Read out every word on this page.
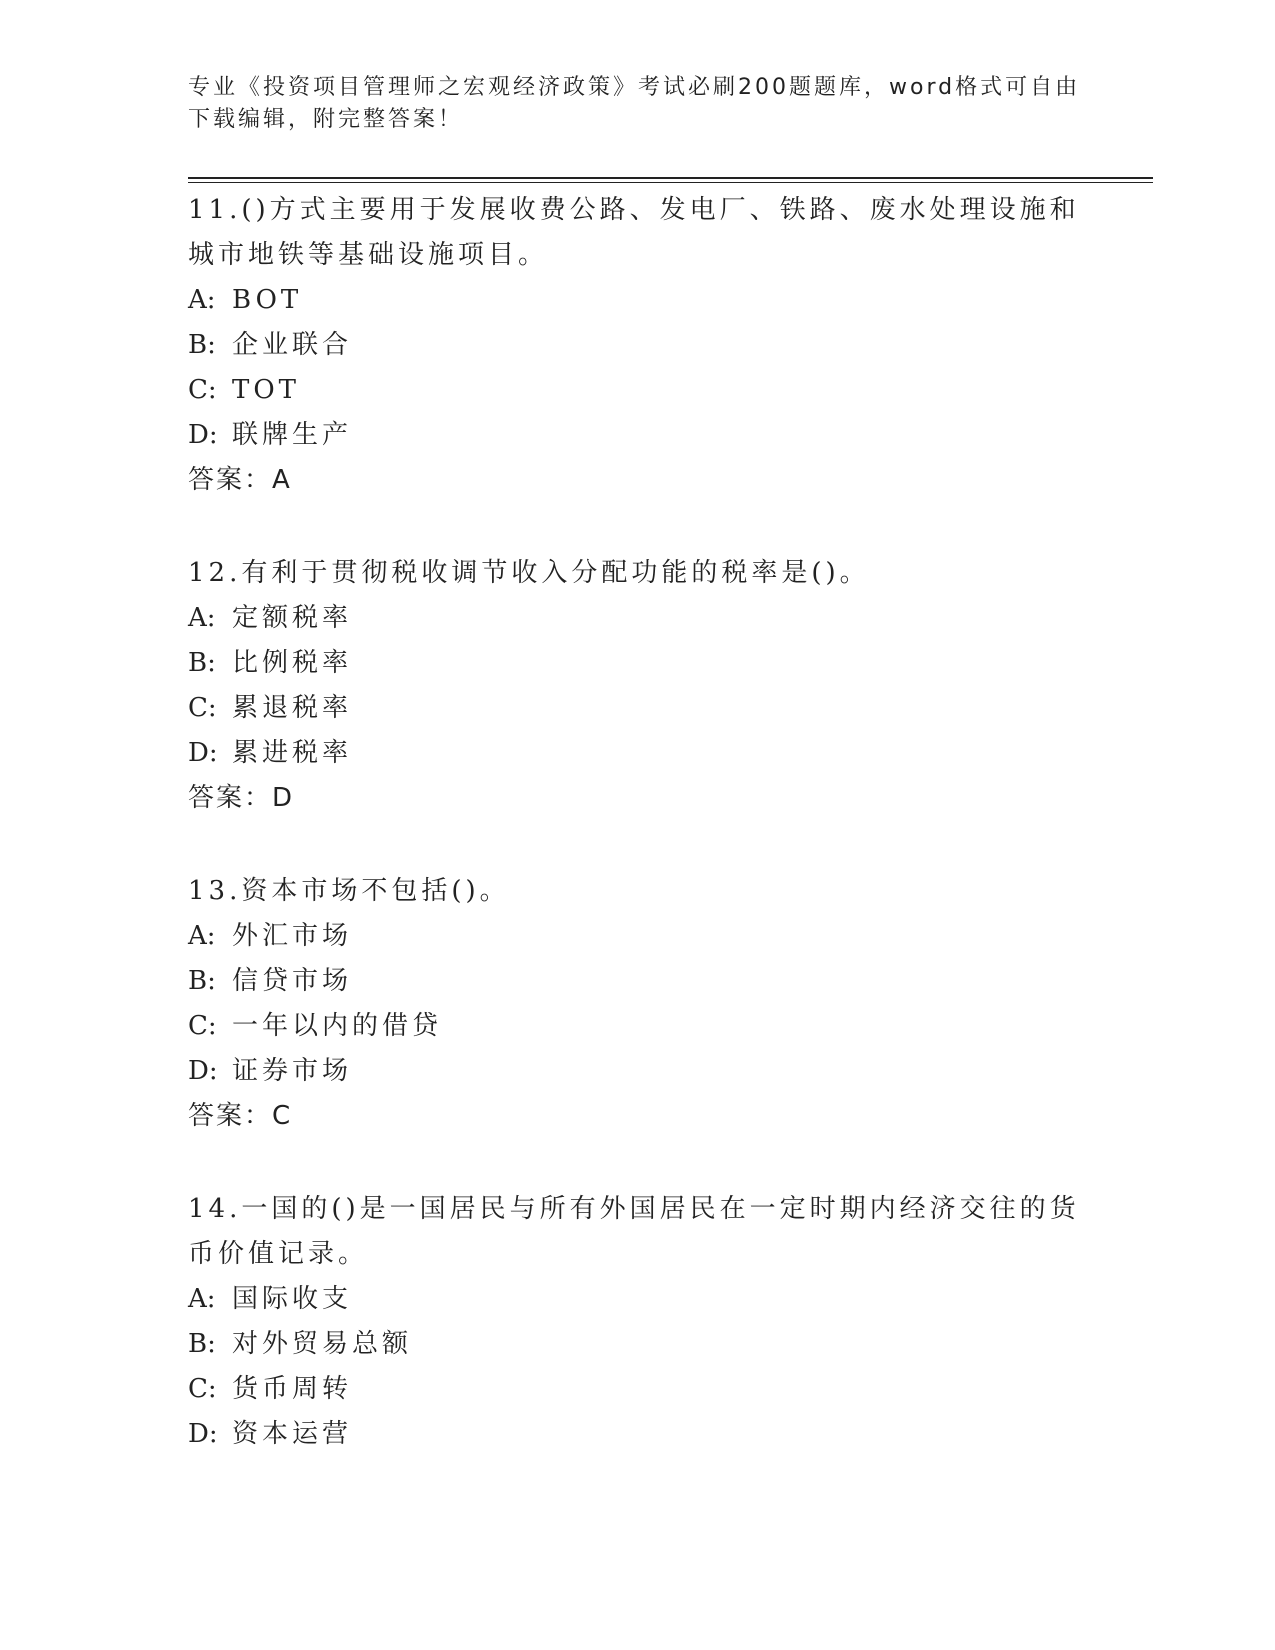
专业《投资项目管理师之宏观经济政策》考试必刷200题题库，word格式可自由下载编辑，附完整答案！

11.()方式主要用于发展收费公路、发电厂、铁路、废水处理设施和城市地铁等基础设施项目。

A: BOT

B: 企业联合

C: TOT

D: 联牌生产

答案：A

12.有利于贯彻税收调节收入分配功能的税率是()。

A: 定额税率

B: 比例税率

C: 累退税率

D: 累进税率

答案：D

13.资本市场不包括()。

A: 外汇市场

B: 信贷市场

C: 一年以内的借贷

D: 证券市场

答案：C

14.一国的()是一国居民与所有外国居民在一定时期内经济交往的货币价值记录。

A: 国际收支

B: 对外贸易总额

C: 货币周转

D: 资本运营
